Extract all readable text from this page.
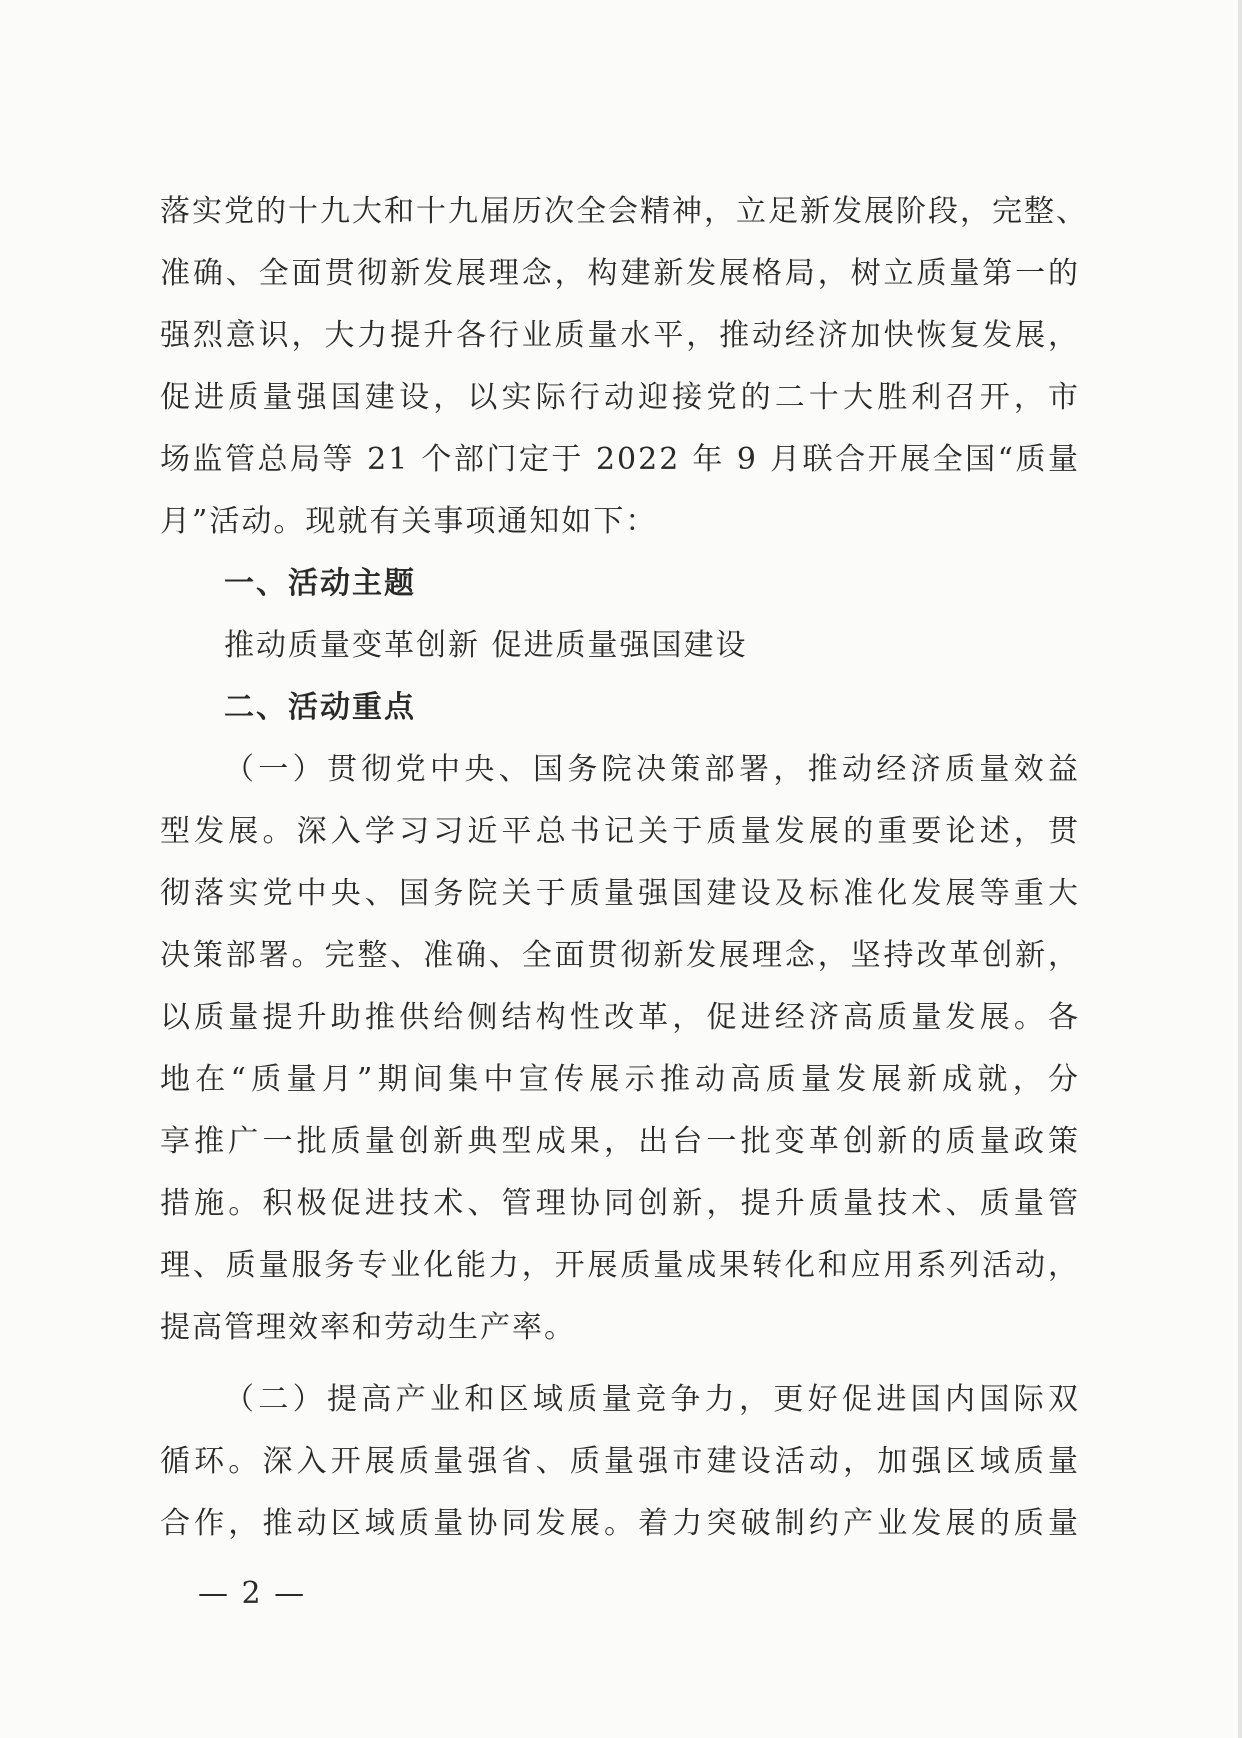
落实党的十九大和十九届历次全会精神，立足新发展阶段，完整、
准确、全面贯彻新发展理念，构建新发展格局，树立质量第一的
强烈意识，大力提升各行业质量水平，推动经济加快恢复发展，
促进质量强国建设，以实际行动迎接党的二十大胜利召开，市
场监管总局等 21 个部门定于 2022 年 9 月联合开展全国“质量
月”活动。现就有关事项通知如下：
一、活动主题
推动质量变革创新 促进质量强国建设
二、活动重点
（一）贯彻党中央、国务院决策部署，推动经济质量效益
型发展。深入学习习近平总书记关于质量发展的重要论述，贯
彻落实党中央、国务院关于质量强国建设及标准化发展等重大
决策部署。完整、准确、全面贯彻新发展理念，坚持改革创新，
以质量提升助推供给侧结构性改革，促进经济高质量发展。各
地在“质量月”期间集中宣传展示推动高质量发展新成就，分
享推广一批质量创新典型成果，出台一批变革创新的质量政策
措施。积极促进技术、管理协同创新，提升质量技术、质量管
理、质量服务专业化能力，开展质量成果转化和应用系列活动，
提高管理效率和劳动生产率。
（二）提高产业和区域质量竞争力，更好促进国内国际双
循环。深入开展质量强省、质量强市建设活动，加强区域质量
合作，推动区域质量协同发展。着力突破制约产业发展的质量
— 2 —
